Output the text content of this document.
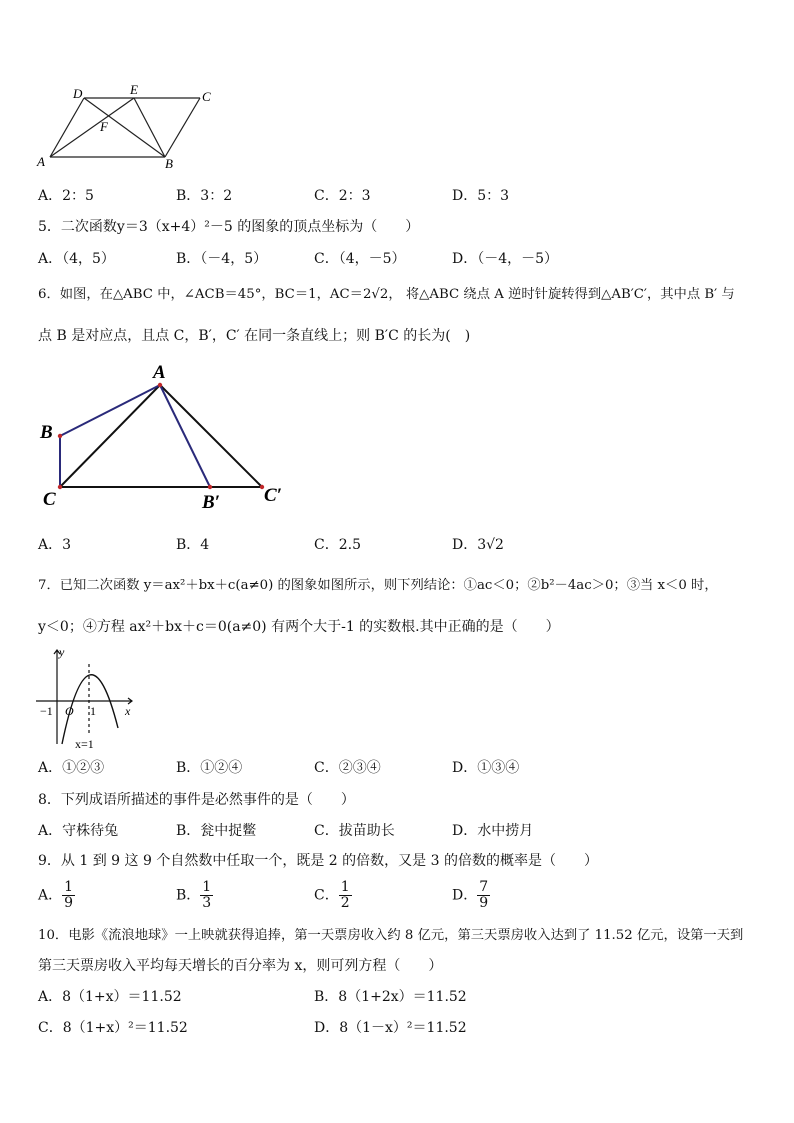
D	E	C
F
A	B
A．2：5	B．3：2	C．2：3	D．5：3
5．二次函数y＝3（x+4）²－5 的图象的顶点坐标为（　　）
A．（4，5）	B．（－4，5）	C．（4，－5）	D．（－4，－5）
6．如图，在△ABC 中，∠ACB＝45°，BC＝1，AC＝2√2， 将△ABC 绕点 A 逆时针旋转得到△AB′C′，其中点 B′ 与
点 B 是对应点，且点 C，B′，C′ 在同一条直线上；则 B′C 的长为(　)
A
B
C	B′ C′
A．3	B．4	C．2.5	D．3√2
7．已知二次函数 y＝ax²＋bx＋c(a≠0) 的图象如图所示，则下列结论：①ac＜0；②b²－4ac＞0；③当 x＜0 时，
y＜0；④方程 ax²＋bx＋c＝0(a≠0) 有两个大于-1 的实数根.其中正确的是（　　）
y
x
−1 O 1
x=1
A．①②③	B．①②④	C．②③④	D．①③④
8．下列成语所描述的事件是必然事件的是（　　）
A．守株待兔	B．瓮中捉鳖	C．拔苗助长	D．水中捞月
9．从 1 到 9 这 9 个自然数中任取一个，既是 2 的倍数，又是 3 的倍数的概率是（　　）
A． $\frac{1}{9}$	B． $\frac{1}{3}$	C． $\frac{1}{2}$	D． $\frac{7}{9}$
10．电影《流浪地球》一上映就获得追捧，第一天票房收入约 8 亿元，第三天票房收入达到了 11.52 亿元，设第一天到
第三天票房收入平均每天增长的百分率为 x，则可列方程（　　）
A．8（1+x）＝11.52	B．8（1+2x）＝11.52
C．8（1+x）²＝11.52	D．8（1－x）²＝11.52
